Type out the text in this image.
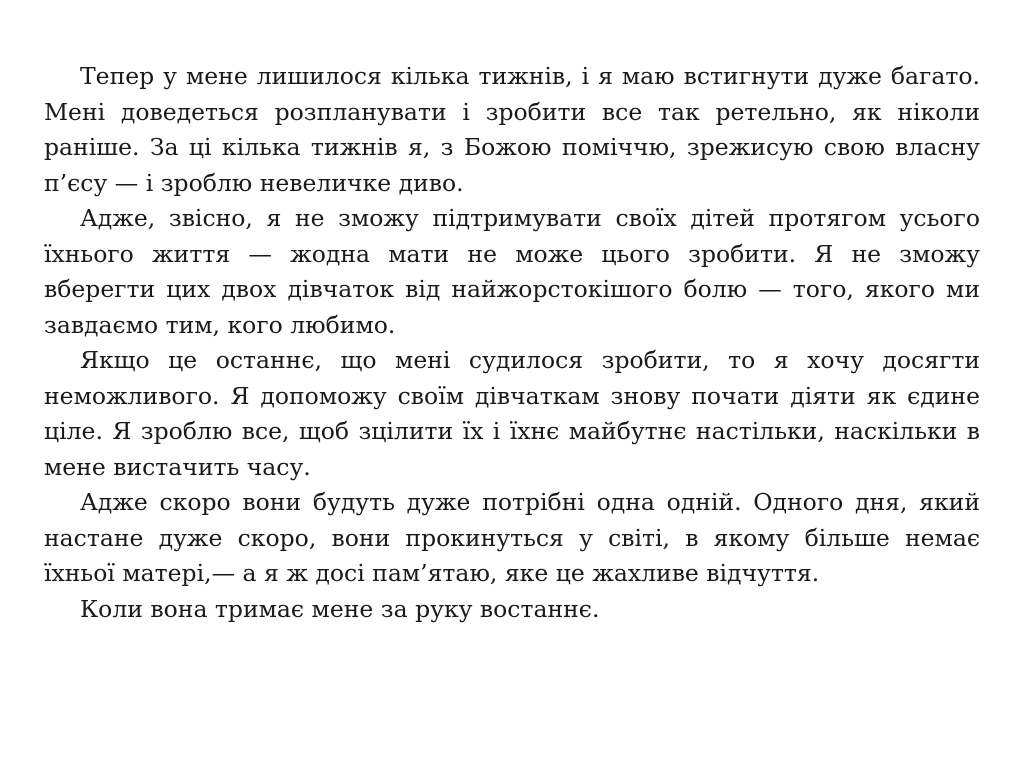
Тепер у мене лишилося кілька тижнів, і я маю встигнути дуже багато. Мені доведеться розпланувати і зробити все так ретельно, як ніколи раніше. За ці кілька тижнів я, з Божою поміччю, зрежисую свою власну п’єсу — і зроблю невеличке диво.

Адже, звісно, я не зможу підтримувати своїх дітей протягом усього їхнього життя — жодна мати не може цього зробити. Я не зможу вберегти цих двох дівчаток від найжорстокішого болю — того, якого ми завдаємо тим, кого любимо.

Якщо це останнє, що мені судилося зробити, то я хочу досягти неможливого. Я допоможу своїм дівчаткам знову почати діяти як єдине ціле. Я зроблю все, щоб зцілити їх і їхнє майбутнє настільки, наскільки в мене вистачить часу.

Адже скоро вони будуть дуже потрібні одна одній. Одного дня, який настане дуже скоро, вони прокинуться у світі, в якому більше немає їхньої матері,— а я ж досі пам’ятаю, яке це жахливе відчуття.

Коли вона тримає мене за руку востаннє.
